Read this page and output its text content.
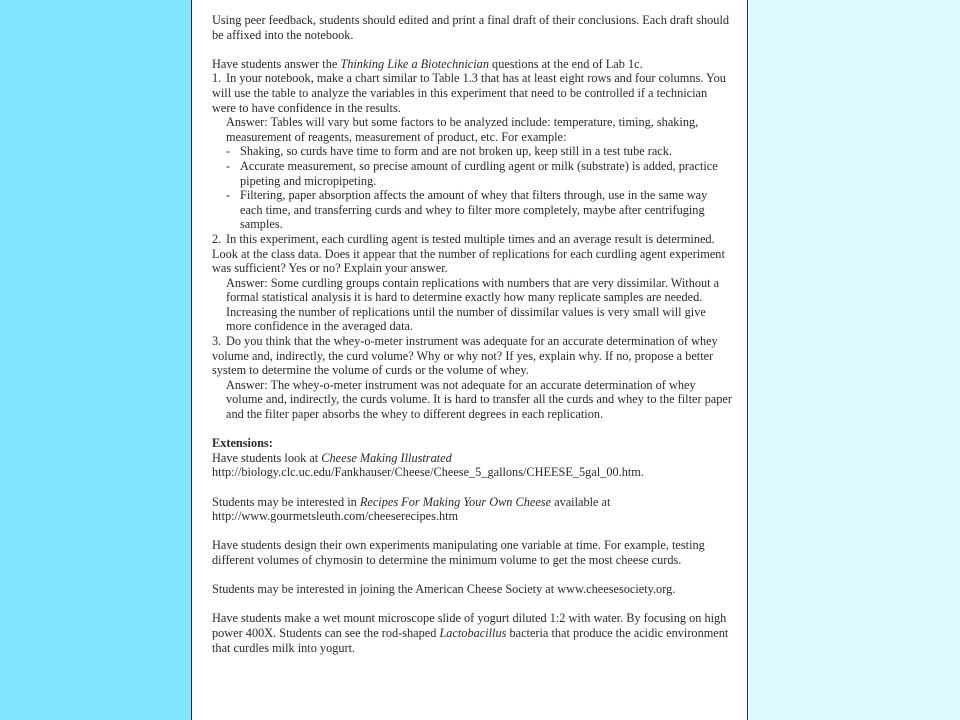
Using peer feedback, students should edited and print a final draft of their conclusions. Each draft should be affixed into the notebook.

Have students answer the Thinking Like a Biotechnician questions at the end of Lab 1c.

1. In your notebook, make a chart similar to Table 1.3 that has at least eight rows and four columns. You will use the table to analyze the variables in this experiment that need to be controlled if a technician were to have confidence in the results.

Answer: Tables will vary but some factors to be analyzed include: temperature, timing, shaking, measurement of reagents, measurement of product, etc. For example:

- Shaking, so curds have time to form and are not broken up, keep still in a test tube rack.
- Accurate measurement, so precise amount of curdling agent or milk (substrate) is added, practice pipeting and micropipeting.
- Filtering, paper absorption affects the amount of whey that filters through, use in the same way each time, and transferring curds and whey to filter more completely, maybe after centrifuging samples.

2. In this experiment, each curdling agent is tested multiple times and an average result is determined. Look at the class data. Does it appear that the number of replications for each curdling agent experiment was sufficient? Yes or no? Explain your answer.

Answer: Some curdling groups contain replications with numbers that are very dissimilar. Without a formal statistical analysis it is hard to determine exactly how many replicate samples are needed. Increasing the number of replications until the number of dissimilar values is very small will give more confidence in the averaged data.

3. Do you think that the whey-o-meter instrument was adequate for an accurate determination of whey volume and, indirectly, the curd volume? Why or why not? If yes, explain why. If no, propose a better system to determine the volume of curds or the volume of whey.

Answer: The whey-o-meter instrument was not adequate for an accurate determination of whey volume and, indirectly, the curds volume. It is hard to transfer all the curds and whey to the filter paper and the filter paper absorbs the whey to different degrees in each replication.

Extensions:

Have students look at Cheese Making Illustrated

http://biology.clc.uc.edu/Fankhauser/Cheese/Cheese_5_gallons/CHEESE_5gal_00.htm.

Students may be interested in Recipes For Making Your Own Cheese available at

http://www.gourmetsleuth.com/cheeserecipes.htm

Have students design their own experiments manipulating one variable at time. For example, testing different volumes of chymosin to determine the minimum volume to get the most cheese curds.

Students may be interested in joining the American Cheese Society at www.cheesesociety.org.

Have students make a wet mount microscope slide of yogurt diluted 1:2 with water. By focusing on high power 400X. Students can see the rod-shaped Lactobacillus bacteria that produce the acidic environment that curdles milk into yogurt.
